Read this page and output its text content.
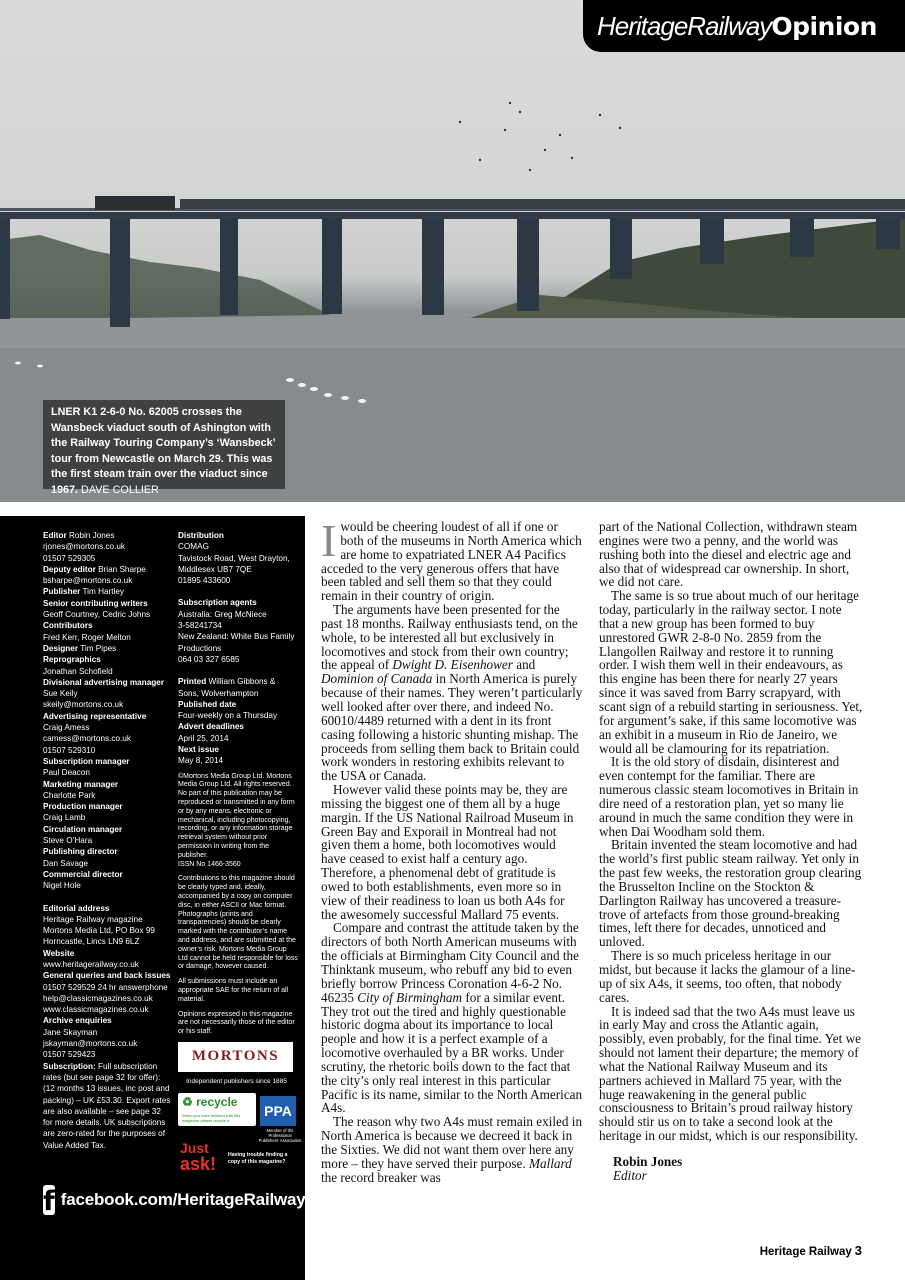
HeritageRailway Opinion
LNER K1 2-6-0 No. 62005 crosses the Wansbeck viaduct south of Ashington with the Railway Touring Company’s ‘Wansbeck’ tour from Newcastle on March 29. This was the first steam train over the viaduct since 1967. DAVE COLLIER
Editor Robin Jones
rjones@mortons.co.uk
01507 529305
Deputy editor Brian Sharpe
bsharpe@mortons.co.uk
Publisher Tim Hartley
Senior contributing writers
Geoff Courtney, Cedric Johns
Contributors
Fred Kerr, Roger Melton
Designer Tim Pipes
Reprographics
Jonathan Schofield
Divisional advertising manager
Sue Keily
skeily@mortons.co.uk
Advertising representative
Craig Amess
camess@mortons.co.uk
01507 529310
Subscription manager
Paul Deacon
Marketing manager
Charlotte Park
Production manager
Craig Lamb
Circulation manager
Steve O’Hara
Publishing director
Dan Savage
Commercial director
Nigel Hole
Editorial address
Heritage Railway magazine
Mortons Media Ltd, PO Box 99
Horncastle, Lincs LN9 6LZ
Website
www.heritagerailway.co.uk
General queries and back issues
01507 529529 24 hr answerphone
help@classicmagazines.co.uk
www.classicmagazines.co.uk
Archive enquiries
Jane Skayman
jskayman@mortons.co.uk
01507 529423
Subscription: Full subscription rates (but see page 32 for offer): (12 months 13 issues, inc post and packing) – UK £53.30. Export rates are also available – see page 32 for more details. UK subscriptions are zero-rated for the purposes of Value Added Tax.
Distribution
COMAG
Tavistock Road, West Drayton,
Middlesex UB7 7QE
01895 433600
Subscription agents
Australia: Greg McNiece
3-58241734
New Zealand: White Bus Family
Productions
064 03 327 6585
Printed William Gibbons & Sons, Wolverhampton
Published date
Four-weekly on a Thursday
Advert deadlines
April 25, 2014
Next issue
May 8, 2014
©Mortons Media Group Ltd. Mortons Media Group Ltd. All rights reserved. No part of this publication may be reproduced or transmitted in any form or by any means, electronic or mechanical, including photocopying, recording, or any information storage retrieval system without prior permission in writing from the publisher.
ISSN No 1466-3560
Contributions to this magazine should be clearly typed and, ideally, accompanied by a copy on computer disc, in either ASCII or Mac format. Photographs (prints and transparencies) should be clearly marked with the contributor’s name and address, and are submitted at the owner’s risk. Mortons Media Group Ltd cannot be held responsible for loss or damage, however caused.
All submissions must include an appropriate SAE for the return of all material.
Opinions expressed in this magazine are not necessarily those of the editor or his staff.
MORTONS
Independent publishers since 1885
♻ recycle
When you have finished with this magazine please recycle it.
PPA
Member of the Professional Publishers’ Association
Just
ask! Having trouble finding a copy of this magazine?
f facebook.com/HeritageRailway

Iwould be cheering loudest of all if one or both of the museums in North America which are home to expatriated LNER A4 Pacifics acceded to the very generous offers that have been tabled and sell them so that they could remain in their country of origin.

The arguments have been presented for the past 18 months. Railway enthusiasts tend, on the whole, to be interested all but exclusively in locomotives and stock from their own country; the appeal of Dwight D. Eisenhower and Dominion of Canada in North America is purely because of their names. They weren’t particularly well looked after over there, and indeed No. 60010/4489 returned with a dent in its front casing following a historic shunting mishap. The proceeds from selling them back to Britain could work wonders in restoring exhibits relevant to the USA or Canada.

However valid these points may be, they are missing the biggest one of them all by a huge margin. If the US National Railroad Museum in Green Bay and Exporail in Montreal had not given them a home, both locomotives would have ceased to exist half a century ago. Therefore, a phenomenal debt of gratitude is owed to both establishments, even more so in view of their readiness to loan us both A4s for the awesomely successful Mallard 75 events.

Compare and contrast the attitude taken by the directors of both North American museums with the officials at Birmingham City Council and the Thinktank museum, who rebuff any bid to even briefly borrow Princess Coronation 4-6-2 No. 46235 City of Birmingham for a similar event. They trot out the tired and highly questionable historic dogma about its importance to local people and how it is a perfect example of a locomotive overhauled by a BR works. Under scrutiny, the rhetoric boils down to the fact that the city’s only real interest in this particular Pacific is its name, similar to the North American A4s.

The reason why two A4s must remain exiled in North America is because we decreed it back in the Sixties. We did not want them over here any more – they have served their purpose. Mallard the record breaker was

part of the National Collection, withdrawn steam engines were two a penny, and the world was rushing both into the diesel and electric age and also that of widespread car ownership. In short, we did not care.

The same is so true about much of our heritage today, particularly in the railway sector. I note that a new group has been formed to buy unrestored GWR 2-8-0 No. 2859 from the Llangollen Railway and restore it to running order. I wish them well in their endeavours, as this engine has been there for nearly 27 years since it was saved from Barry scrapyard, with scant sign of a rebuild starting in seriousness. Yet, for argument’s sake, if this same locomotive was an exhibit in a museum in Rio de Janeiro, we would all be clamouring for its repatriation.

It is the old story of disdain, disinterest and even contempt for the familiar. There are numerous classic steam locomotives in Britain in dire need of a restoration plan, yet so many lie around in much the same condition they were in when Dai Woodham sold them.

Britain invented the steam locomotive and had the world’s first public steam railway. Yet only in the past few weeks, the restoration group clearing the Brusselton Incline on the Stockton & Darlington Railway has uncovered a treasure-trove of artefacts from those ground-breaking times, left there for decades, unnoticed and unloved.

There is so much priceless heritage in our midst, but because it lacks the glamour of a line-up of six A4s, it seems, too often, that nobody cares.

It is indeed sad that the two A4s must leave us in early May and cross the Atlantic again, possibly, even probably, for the final time. Yet we should not lament their departure; the memory of what the National Railway Museum and its partners achieved in Mallard 75 year, with the huge reawakening in the general public consciousness to Britain’s proud railway history should stir us on to take a second look at the heritage in our midst, which is our responsibility.

Robin Jones
Editor
Heritage Railway 3
